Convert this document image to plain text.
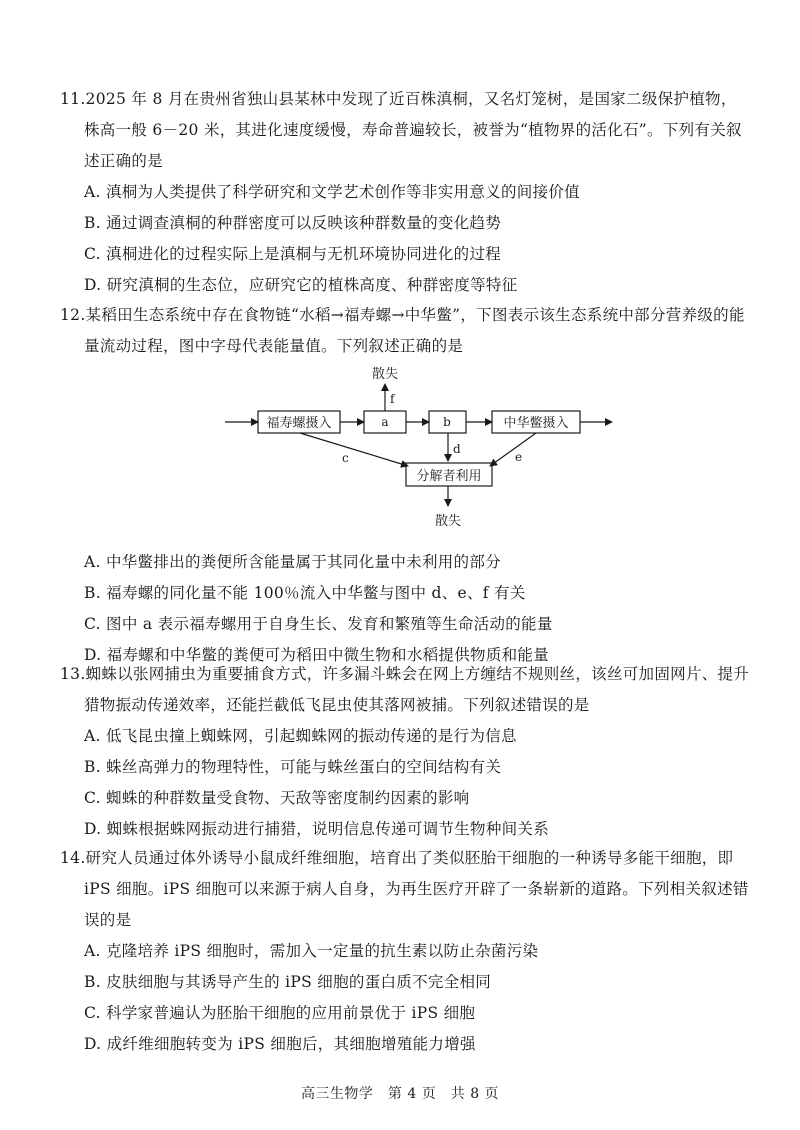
11.2025 年 8 月在贵州省独山县某林中发现了近百株滇桐，又名灯笼树，是国家二级保护植物，株高一般 6－20 米，其进化速度缓慢，寿命普遍较长，被誉为“植物界的活化石”。下列有关叙述正确的是

A. 滇桐为人类提供了科学研究和文学艺术创作等非实用意义的间接价值

B. 通过调查滇桐的种群密度可以反映该种群数量的变化趋势

C. 滇桐进化的过程实际上是滇桐与无机环境协同进化的过程

D. 研究滇桐的生态位，应研究它的植株高度、种群密度等特征

12.某稻田生态系统中存在食物链“水稻→福寿螺→中华鳖”，下图表示该生态系统中部分营养级的能量流动过程，图中字母代表能量值。下列叙述正确的是

A. 中华鳖排出的粪便所含能量属于其同化量中未利用的部分

B. 福寿螺的同化量不能 100％流入中华鳖与图中 d、e、f 有关

C. 图中 a 表示福寿螺用于自身生长、发育和繁殖等生命活动的能量

D. 福寿螺和中华鳖的粪便可为稻田中微生物和水稻提供物质和能量

福寿螺摄入	a	b	中华鳖摄入
分解者利用
散失
散失
f
d
c	e

13.蜘蛛以张网捕虫为重要捕食方式，许多漏斗蛛会在网上方缠结不规则丝，该丝可加固网片、提升猎物振动传递效率，还能拦截低飞昆虫使其落网被捕。下列叙述错误的是

A. 低飞昆虫撞上蜘蛛网，引起蜘蛛网的振动传递的是行为信息

B. 蛛丝高弹力的物理特性，可能与蛛丝蛋白的空间结构有关

C. 蜘蛛的种群数量受食物、天敌等密度制约因素的影响

D. 蜘蛛根据蛛网振动进行捕猎，说明信息传递可调节生物种间关系

14.研究人员通过体外诱导小鼠成纤维细胞，培育出了类似胚胎干细胞的一种诱导多能干细胞，即 iPS 细胞。iPS 细胞可以来源于病人自身，为再生医疗开辟了一条崭新的道路。下列相关叙述错误的是

A. 克隆培养 iPS 细胞时，需加入一定量的抗生素以防止杂菌污染

B. 皮肤细胞与其诱导产生的 iPS 细胞的蛋白质不完全相同

C. 科学家普遍认为胚胎干细胞的应用前景优于 iPS 细胞

D. 成纤维细胞转变为 iPS 细胞后，其细胞增殖能力增强

高三生物学　第 4 页　共 8 页
